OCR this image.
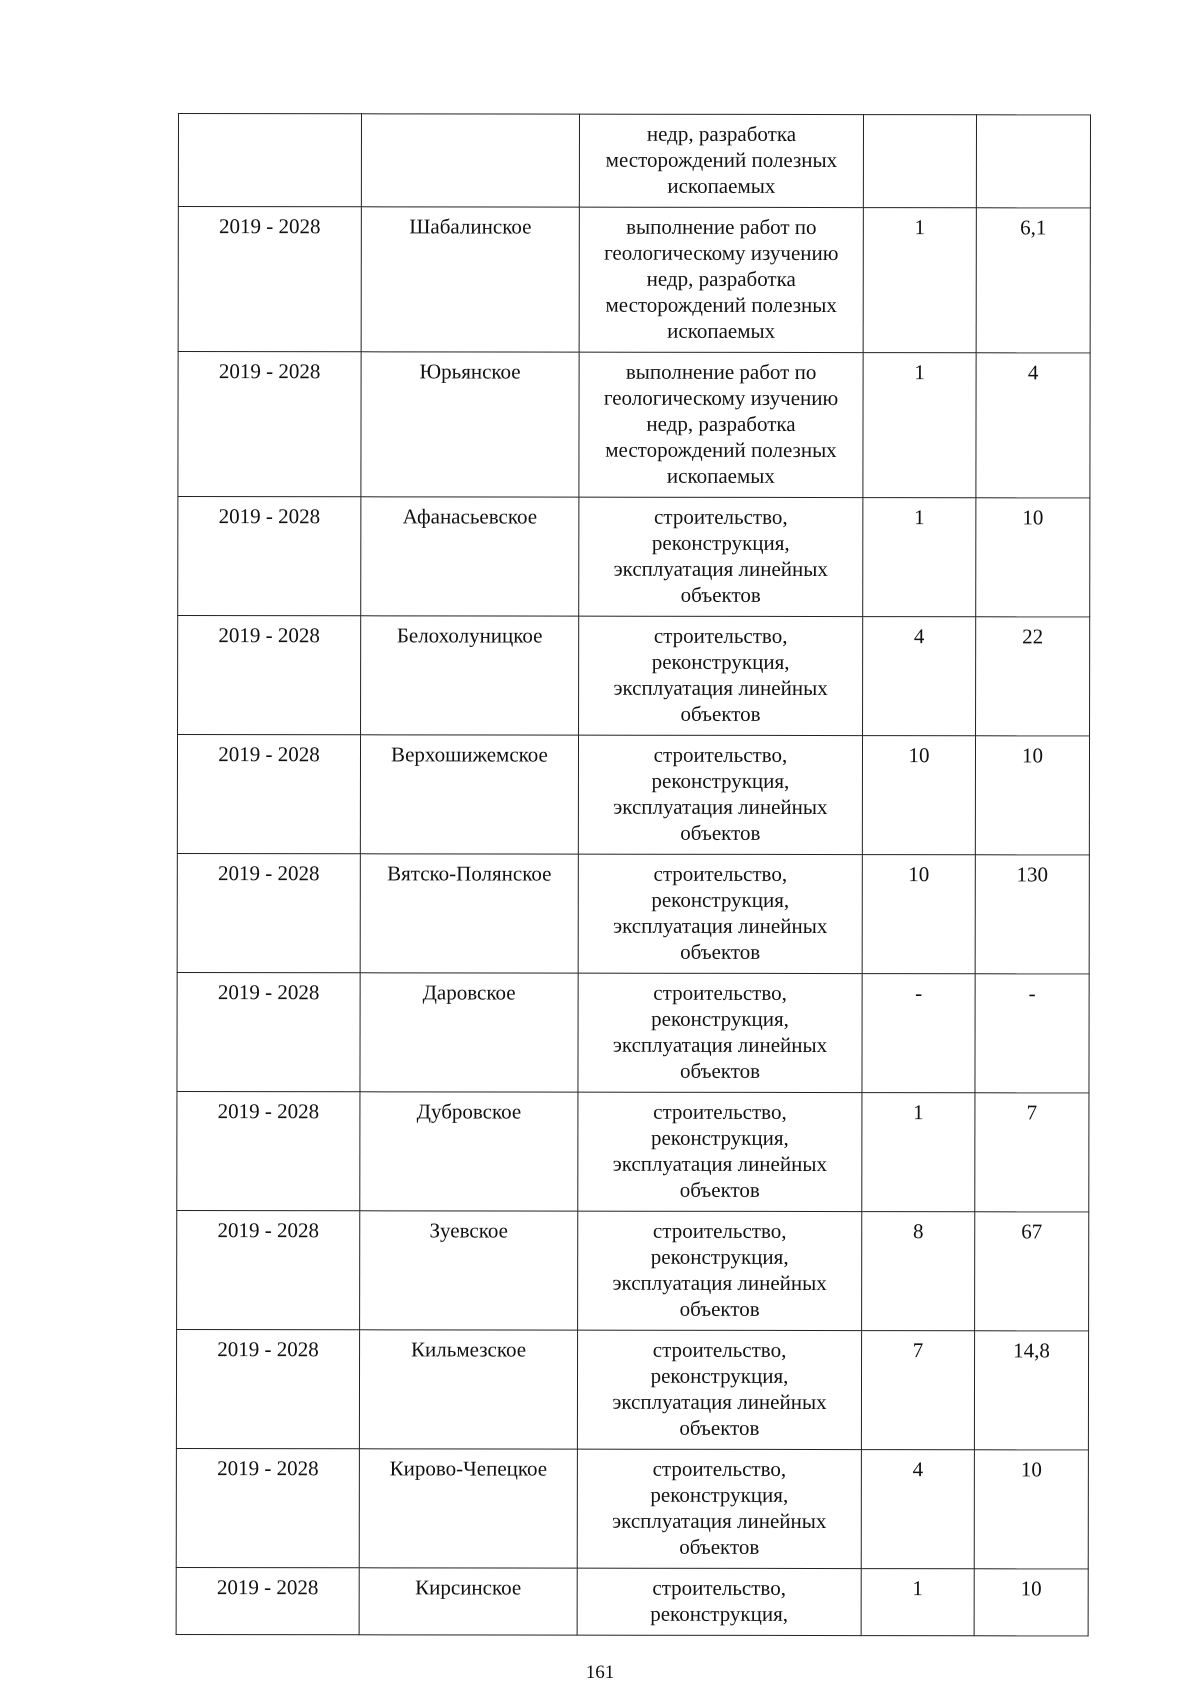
		недр, разработка
месторождений полезных
ископаемых		
2019 - 2028	Шабалинское	выполнение работ по
геологическому изучению
недр, разработка
месторождений полезных
ископаемых	1	6,1
2019 - 2028	Юрьянское	выполнение работ по
геологическому изучению
недр, разработка
месторождений полезных
ископаемых	1	4
2019 - 2028	Афанасьевское	строительство,
реконструкция,
эксплуатация линейных
объектов	1	10
2019 - 2028	Белохолуницкое	строительство,
реконструкция,
эксплуатация линейных
объектов	4	22
2019 - 2028	Верхошижемское	строительство,
реконструкция,
эксплуатация линейных
объектов	10	10
2019 - 2028	Вятско-Полянское	строительство,
реконструкция,
эксплуатация линейных
объектов	10	130
2019 - 2028	Даровское	строительство,
реконструкция,
эксплуатация линейных
объектов	-	-
2019 - 2028	Дубровское	строительство,
реконструкция,
эксплуатация линейных
объектов	1	7
2019 - 2028	Зуевское	строительство,
реконструкция,
эксплуатация линейных
объектов	8	67
2019 - 2028	Кильмезское	строительство,
реконструкция,
эксплуатация линейных
объектов	7	14,8
2019 - 2028	Кирово-Чепецкое	строительство,
реконструкция,
эксплуатация линейных
объектов	4	10
2019 - 2028	Кирсинское	строительство,
реконструкция,	1	10
161
